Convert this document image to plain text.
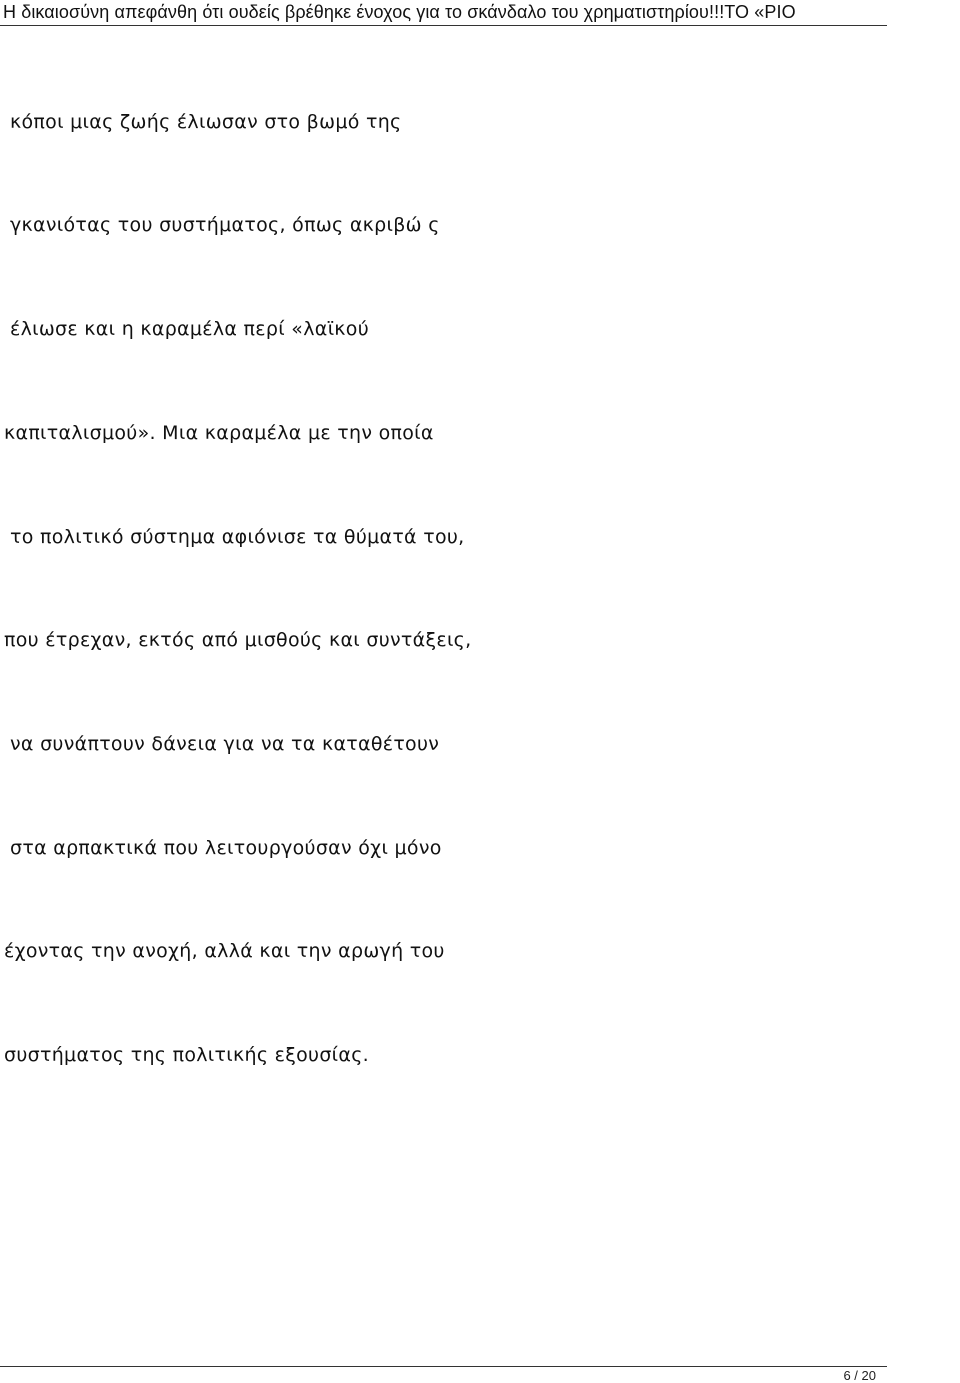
Η δικαιοσύνη απεφάνθη ότι ουδείς βρέθηκε ένοχος για το σκάνδαλο του χρηματιστηρίου!!!ΤΟ «ΡΙΟ
κόποι μιας ζωής έλιωσαν στο βωμό της
γκανιότας του συστήματος, όπως ακριβώ ς
έλιωσε και η καραμέλα περί «λαϊκού
καπιταλισμού». Μια καραμέλα με την οποία
το πολιτικό σύστημα αφιόνισε τα θύματά του,
που έτρεχαν, εκτός από μισθούς και συντάξεις,
να συνάπτουν δάνεια για να τα καταθέτουν
στα αρπακτικά που λειτουργούσαν όχι μόνο
έχοντας την ανοχή, αλλά και την αρωγή του
συστήματος της πολιτικής εξουσίας.
6 / 20
